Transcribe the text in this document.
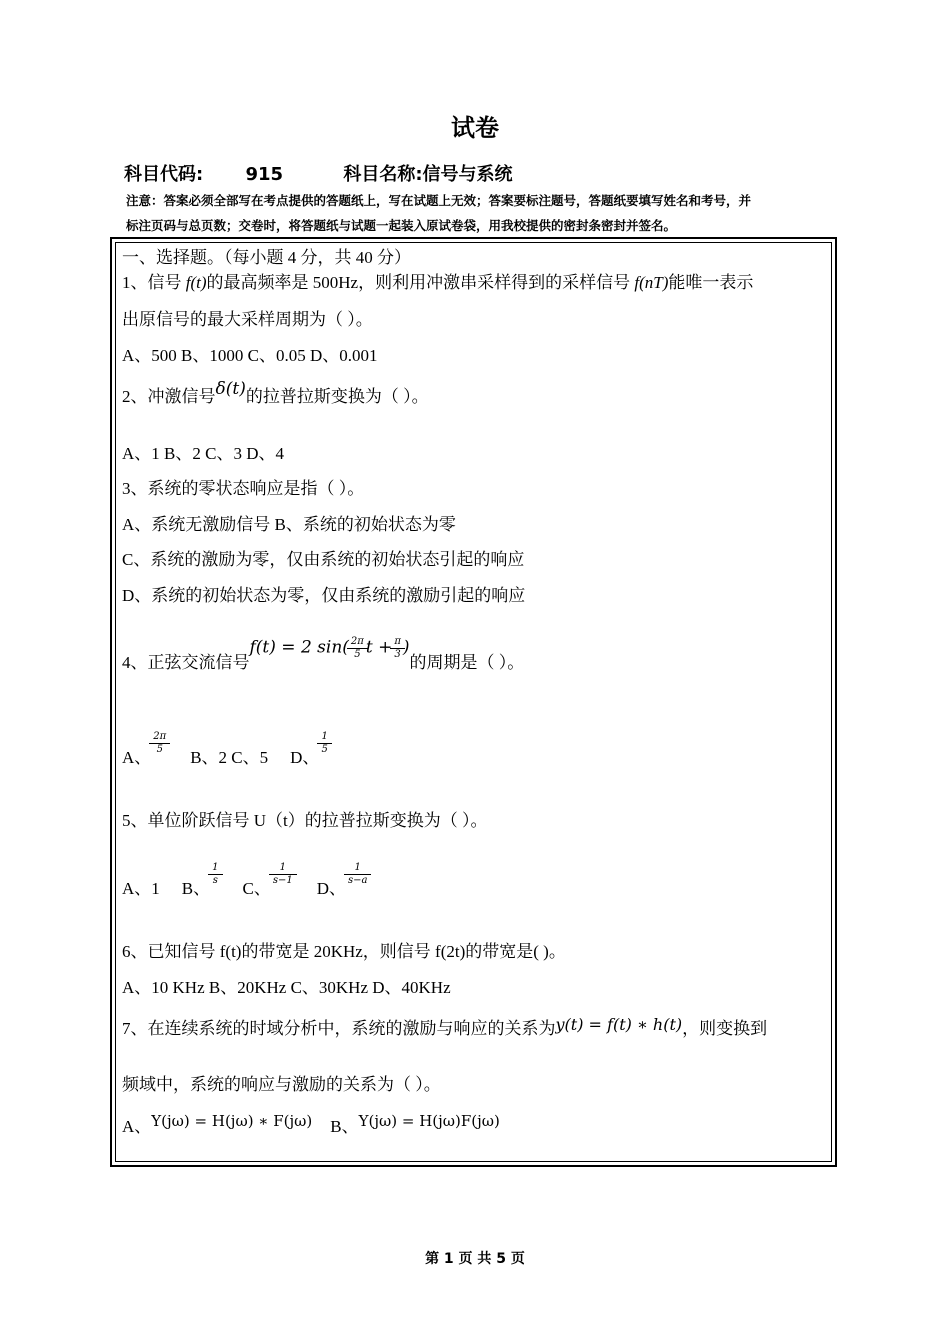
试卷
科目代码: 915	科目名称:信号与系统
注意：答案必须全部写在考点提供的答题纸上，写在试题上无效；答案要标注题号，答题纸要填写姓名和考号，并
标注页码与总页数；交卷时，将答题纸与试题一起装入原试卷袋，用我校提供的密封条密封并签名。
一、选择题。（每小题 4 分，共 40 分）
1、信号 f(t)的最高频率是 500Hz，则利用冲激串采样得到的采样信号 f(nT)能唯一表示
出原信号的最大采样周期为（ ）。
A、500 B、1000 C、0.05 D、0.001
2、冲激信号δ(t)的拉普拉斯变换为（ ）。
A、1 B、2 C、3 D、4
3、系统的零状态响应是指（ ）。
A、系统无激励信号 B、系统的初始状态为零
C、系统的激励为零，仅由系统的初始状态引起的响应
D、系统的初始状态为零，仅由系统的激励引起的响应
4、正弦交流信号f(t) = 2 $\sin( \frac{2\pi}{5}$ $t + \frac{\pi}{3}$ )的周期是（ ）。
A、
$\frac{2\pi}{5}$
B、2 C、5 D、
$\frac{1}{5}$
5、单位阶跃信号 U（t）的拉普拉斯变换为（ ）。
A、1 B、
$\frac{1}{s}$
C、
$\frac{1}{s-1}$
D、
$\frac{1}{s-a}$
6、已知信号 f(t)的带宽是 20KHz，则信号 f(2t)的带宽是( )。
A、10 KHz B、20KHz C、30KHz D、40KHz
7、在连续系统的时域分析中，系统的激励与响应的关系为y(t) = f(t) ∗ h(t)，则变换到
频域中，系统的响应与激励的关系为（ ）。
A、Y(jω) = H(jω) ∗ F(jω) B、Y(jω) = H(jω)F(jω)
第 1 页 共 5 页
